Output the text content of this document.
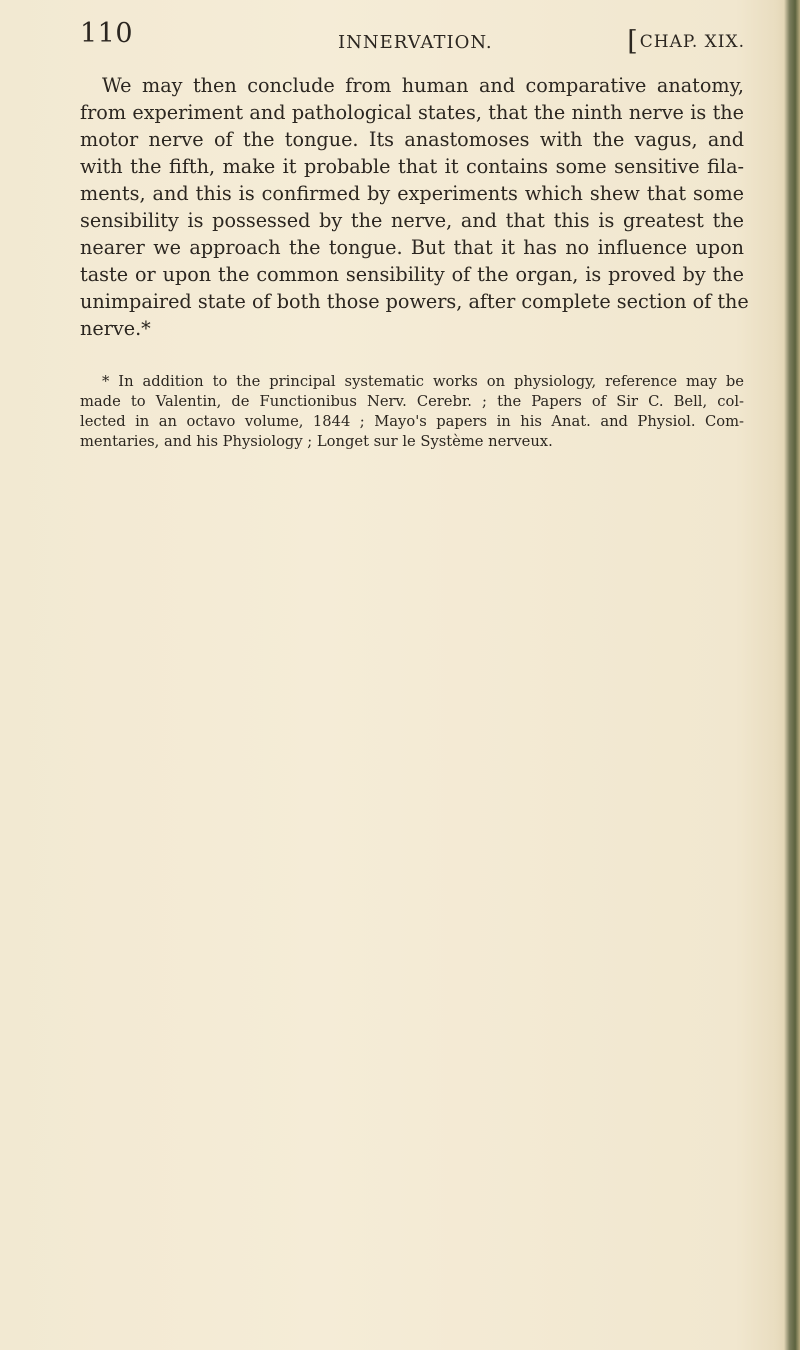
110	INNERVATION.	[CHAP. XIX.
We may then conclude from human and comparative anatomy,
from experiment and pathological states, that the ninth nerve is the
motor nerve of the tongue. Its anastomoses with the vagus, and
with the fifth, make it probable that it contains some sensitive fila-
ments, and this is confirmed by experiments which shew that some
sensibility is possessed by the nerve, and that this is greatest the
nearer we approach the tongue. But that it has no influence upon
taste or upon the common sensibility of the organ, is proved by the
unimpaired state of both those powers, after complete section of the
nerve.*
* In addition to the principal systematic works on physiology, reference may be
made to Valentin, de Functionibus Nerv. Cerebr. ; the Papers of Sir C. Bell, col-
lected in an octavo volume, 1844 ; Mayo's papers in his Anat. and Physiol. Com-
mentaries, and his Physiology ; Longet sur le Système nerveux.
